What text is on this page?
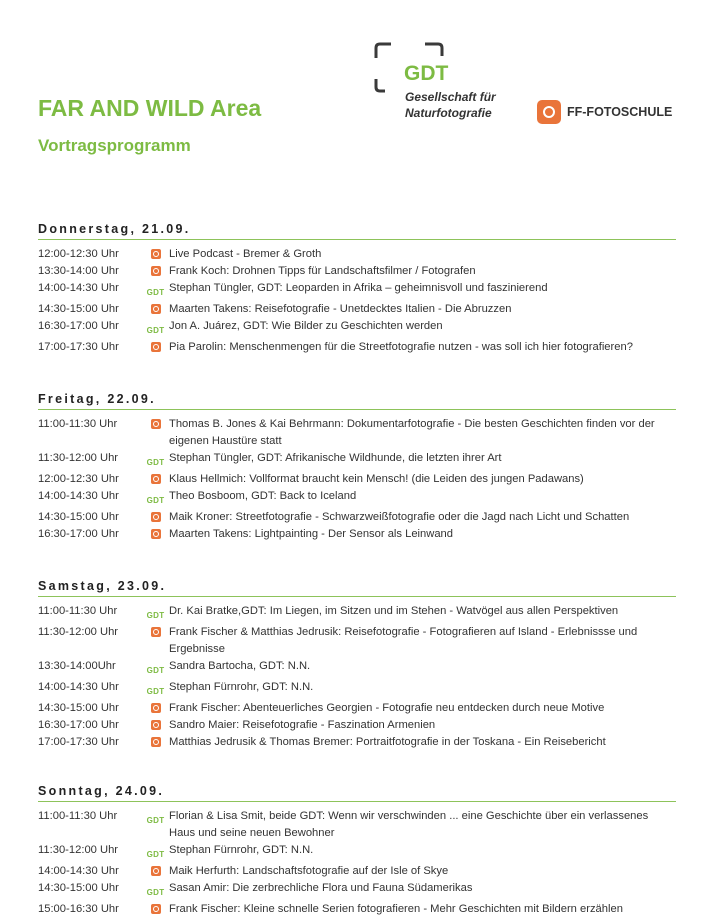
FAR AND WILD Area
Vortragsprogramm
GDT
Gesellschaft für
Naturfotografie	FF-FOTOSCHULE
Donnerstag, 21.09.
12:00-12:30 Uhr	Live Podcast - Bremer & Groth
13:30-14:00 Uhr	Frank Koch: Drohnen Tipps für Landschaftsfilmer / Fotografen
14:00-14:30 Uhr	GDT Stephan Tüngler, GDT: Leoparden in Afrika – geheimnisvoll und faszinierend
14:30-15:00 Uhr	Maarten Takens: Reisefotografie - Unetdecktes Italien - Die Abruzzen
16:30-17:00 Uhr	GDT Jon A. Juárez, GDT: Wie Bilder zu Geschichten werden
17:00-17:30 Uhr	Pia Parolin: Menschenmengen für die Streetfotografie nutzen - was soll ich hier fotografieren?
Freitag, 22.09.
11:00-11:30 Uhr	Thomas B. Jones & Kai Behrmann: Dokumentarfotografie - Die besten Geschichten finden vor der eigenen Haustüre statt
11:30-12:00 Uhr	GDT Stephan Tüngler, GDT: Afrikanische Wildhunde, die letzten ihrer Art
12:00-12:30 Uhr	Klaus Hellmich: Vollformat braucht kein Mensch! (die Leiden des jungen Padawans)
14:00-14:30 Uhr	GDT Theo Bosboom, GDT: Back to Iceland
14:30-15:00 Uhr	Maik Kroner: Streetfotografie - Schwarzweißfotografie oder die Jagd nach Licht und Schatten
16:30-17:00 Uhr	Maarten Takens: Lightpainting - Der Sensor als Leinwand
Samstag, 23.09.
11:00-11:30 Uhr	GDT Dr. Kai Bratke,GDT: Im Liegen, im Sitzen und im Stehen - Watvögel aus allen Perspektiven
11:30-12:00 Uhr	Frank Fischer & Matthias Jedrusik: Reisefotografie - Fotografieren auf Island - Erlebnissse und Ergebnisse
13:30-14:00Uhr	GDT Sandra Bartocha, GDT: N.N.
14:00-14:30 Uhr	GDT Stephan Fürnrohr, GDT: N.N.
14:30-15:00 Uhr	Frank Fischer: Abenteuerliches Georgien - Fotografie neu entdecken durch neue Motive
16:30-17:00 Uhr	Sandro Maier: Reisefotografie - Faszination Armenien
17:00-17:30 Uhr	Matthias Jedrusik & Thomas Bremer: Portraitfotografie in der Toskana - Ein Reisebericht
Sonntag, 24.09.
11:00-11:30 Uhr	GDT Florian & Lisa Smit, beide GDT: Wenn wir verschwinden ... eine Geschichte über ein verlassenes Haus und seine neuen Bewohner
11:30-12:00 Uhr	GDT Stephan Fürnrohr, GDT: N.N.
14:00-14:30 Uhr	Maik Herfurth: Landschaftsfotografie auf der Isle of Skye
14:30-15:00 Uhr	GDT Sasan Amir: Die zerbrechliche Flora und Fauna Südamerikas
15:00-16:30 Uhr	Frank Fischer: Kleine schnelle Serien fotografieren - Mehr Geschichten mit Bildern erzählen
